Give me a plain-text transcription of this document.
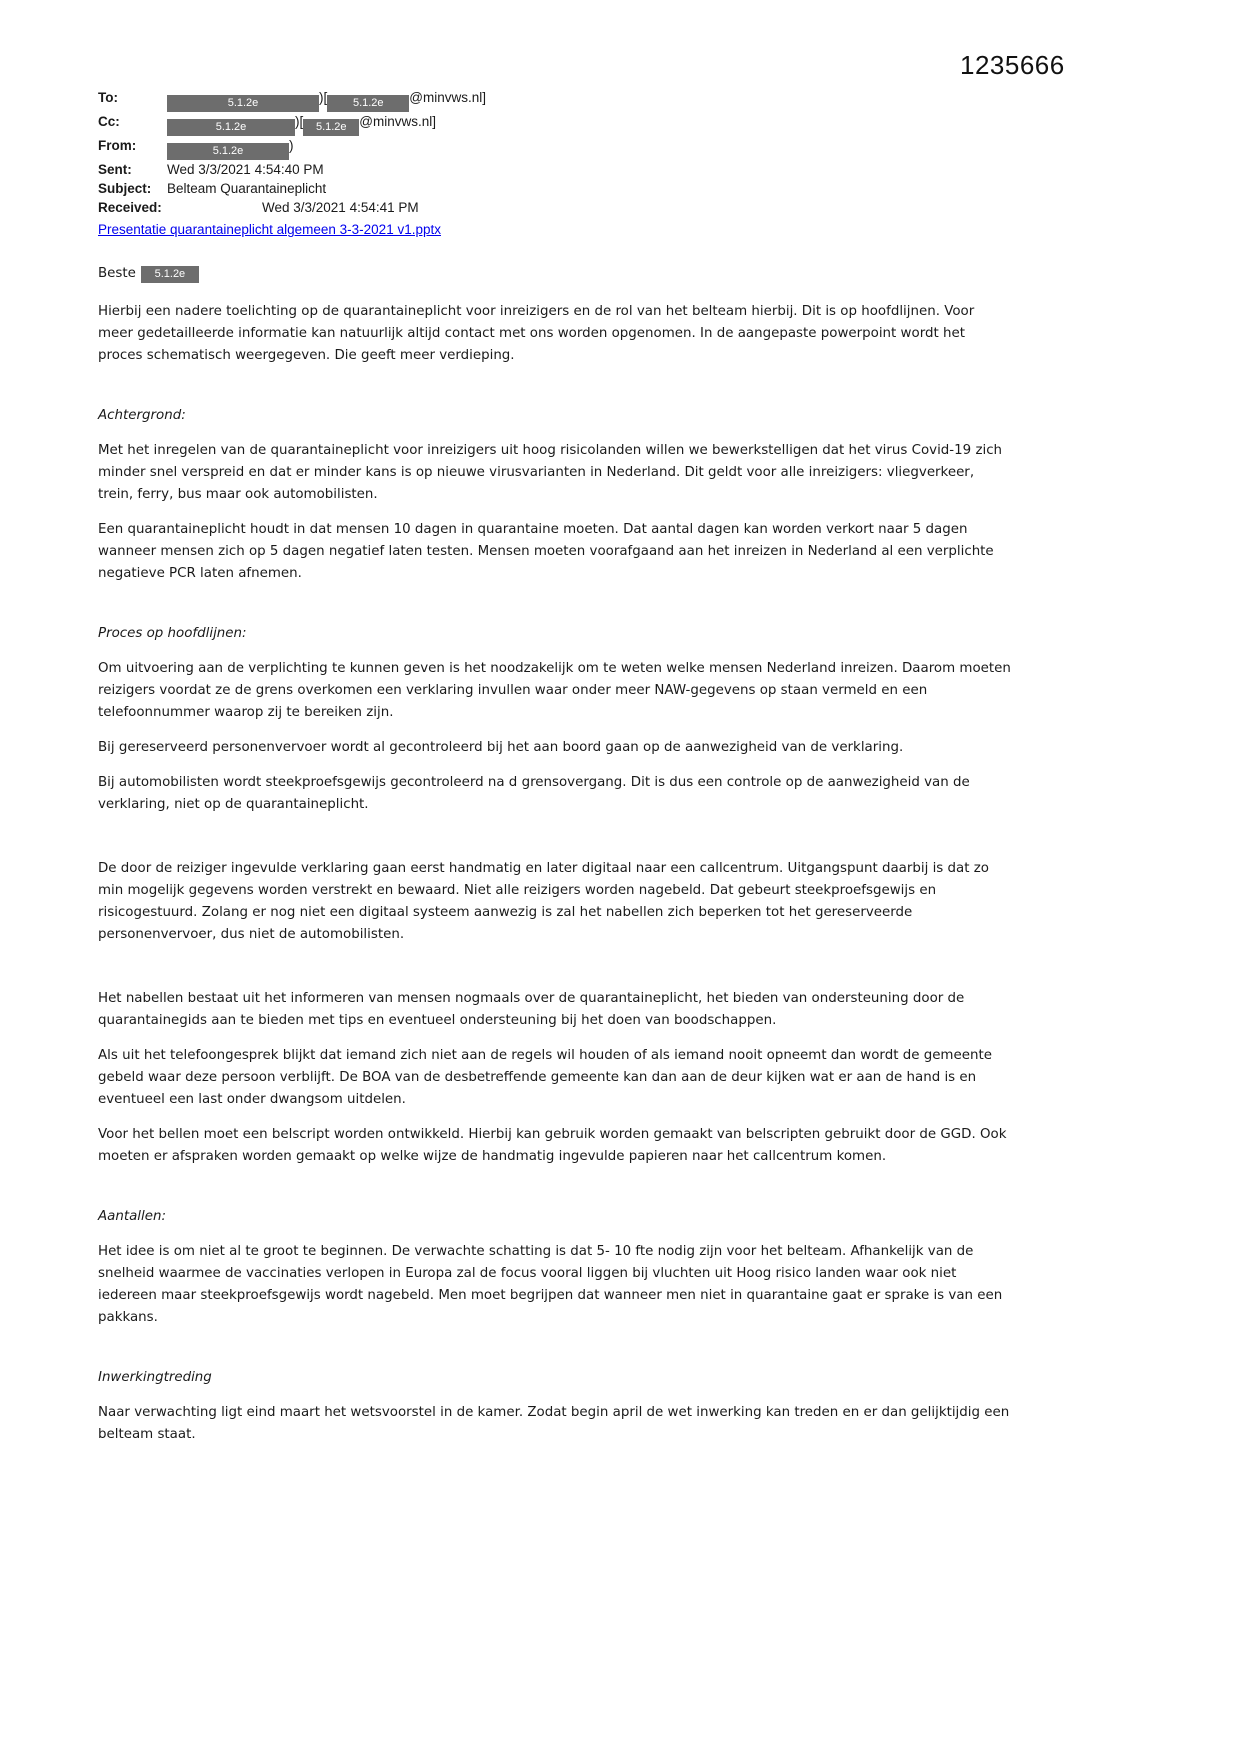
1235666
To:	5.1.2e	)[ 5.1.2e @minvws.nl]
Cc:	5.1.2e	)[ 5.1.2e @minvws.nl]
From:	5.1.2e	)
Sent:	Wed 3/3/2021 4:54:40 PM
Subject:	Belteam Quarantaineplicht
Received:	Wed 3/3/2021 4:54:41 PM
Presentatie quarantaineplicht algemeen 3-3-2021 v1.pptx
Beste	5.1.2e

Hierbij een nadere toelichting op de quarantaineplicht voor inreizigers en de rol van het belteam hierbij. Dit is op hoofdlijnen. Voor meer gedetailleerde informatie kan natuurlijk altijd contact met ons worden opgenomen. In de aangepaste powerpoint wordt het proces schematisch weergegeven. Die geeft meer verdieping.

Achtergrond:

Met het inregelen van de quarantaineplicht voor inreizigers uit hoog risicolanden willen we bewerkstelligen dat het virus Covid-19 zich minder snel verspreid en dat er minder kans is op nieuwe virusvarianten in Nederland. Dit geldt voor alle inreizigers: vliegverkeer, trein, ferry, bus maar ook automobilisten.

Een quarantaineplicht houdt in dat mensen 10 dagen in quarantaine moeten. Dat aantal dagen kan worden verkort naar 5 dagen wanneer mensen zich op 5 dagen negatief laten testen. Mensen moeten voorafgaand aan het inreizen in Nederland al een verplichte negatieve PCR laten afnemen.

Proces op hoofdlijnen:

Om uitvoering aan de verplichting te kunnen geven is het noodzakelijk om te weten welke mensen Nederland inreizen. Daarom moeten reizigers voordat ze de grens overkomen een verklaring invullen waar onder meer NAW-gegevens op staan vermeld en een telefoonnummer waarop zij te bereiken zijn.

Bij gereserveerd personenvervoer wordt al gecontroleerd bij het aan boord gaan op de aanwezigheid van de verklaring.

Bij automobilisten wordt steekproefsgewijs gecontroleerd na d grensovergang. Dit is dus een controle op de aanwezigheid van de verklaring, niet op de quarantaineplicht.

De door de reiziger ingevulde verklaring gaan eerst handmatig en later digitaal naar een callcentrum. Uitgangspunt daarbij is dat zo min mogelijk gegevens worden verstrekt en bewaard. Niet alle reizigers worden nagebeld. Dat gebeurt steekproefsgewijs en risicogestuurd. Zolang er nog niet een digitaal systeem aanwezig is zal het nabellen zich beperken tot het gereserveerde personenvervoer, dus niet de automobilisten.

Het nabellen bestaat uit het informeren van mensen nogmaals over de quarantaineplicht, het bieden van ondersteuning door de quarantainegids aan te bieden met tips en eventueel ondersteuning bij het doen van boodschappen.

Als uit het telefoongesprek blijkt dat iemand zich niet aan de regels wil houden of als iemand nooit opneemt dan wordt de gemeente gebeld waar deze persoon verblijft. De BOA van de desbetreffende gemeente kan dan aan de deur kijken wat er aan de hand is en eventueel een last onder dwangsom uitdelen.

Voor het bellen moet een belscript worden ontwikkeld. Hierbij kan gebruik worden gemaakt van belscripten gebruikt door de GGD. Ook moeten er afspraken worden gemaakt op welke wijze de handmatig ingevulde papieren naar het callcentrum komen.

Aantallen:

Het idee is om niet al te groot te beginnen. De verwachte schatting is dat 5- 10 fte nodig zijn voor het belteam. Afhankelijk van de snelheid waarmee de vaccinaties verlopen in Europa zal de focus vooral liggen bij vluchten uit Hoog risico landen waar ook niet iedereen maar steekproefsgewijs wordt nagebeld. Men moet begrijpen dat wanneer men niet in quarantaine gaat er sprake is van een pakkans.

Inwerkingtreding

Naar verwachting ligt eind maart het wetsvoorstel in de kamer. Zodat begin april de wet inwerking kan treden en er dan gelijktijdig een belteam staat.
